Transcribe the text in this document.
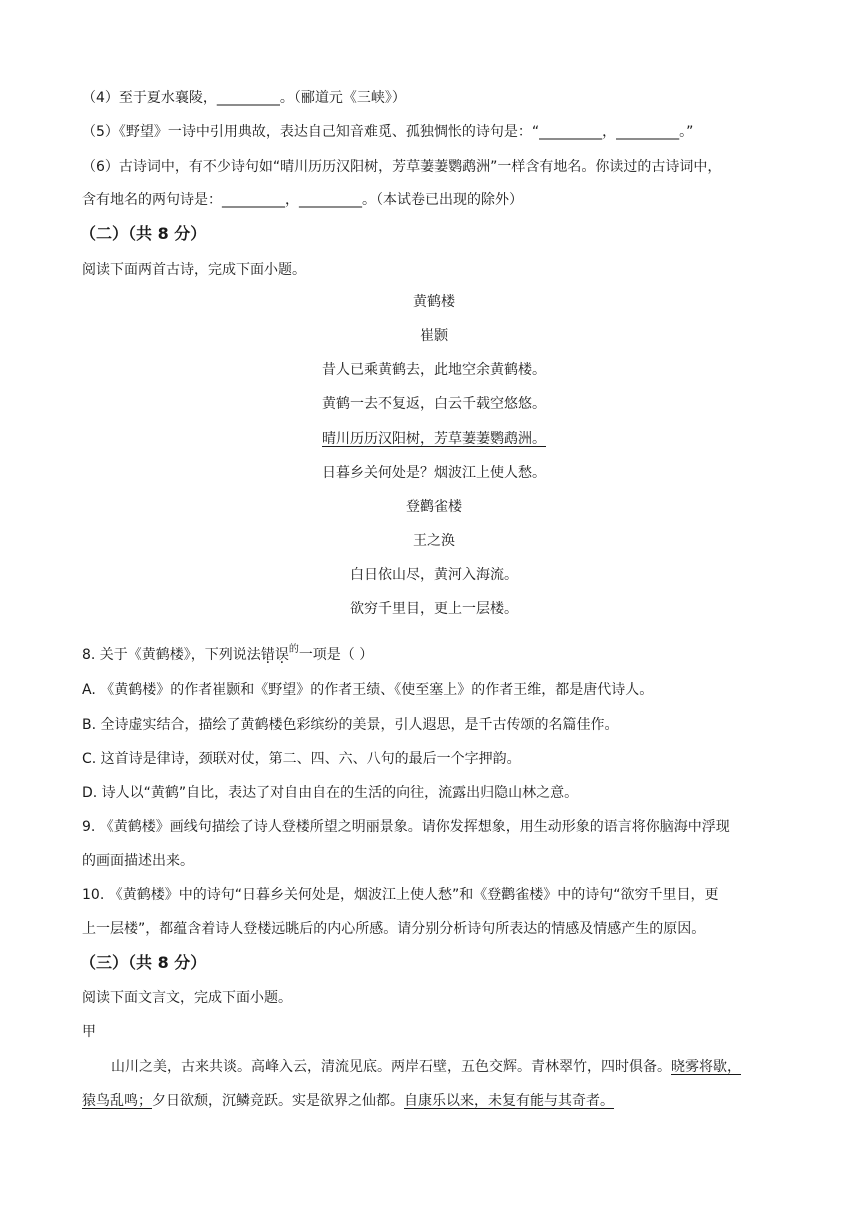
（4）至于夏水襄陵，_________。（郦道元《三峡》）
（5）《野望》一诗中引用典故，表达自己知音难觅、孤独惆怅的诗句是：“_________，_________。”
（6）古诗词中，有不少诗句如“晴川历历汉阳树，芳草萋萋鹦鹉洲”一样含有地名。你读过的古诗词中，
含有地名的两句诗是：_________，_________。（本试卷已出现的除外）
（二）（共 8 分）
阅读下面两首古诗，完成下面小题。
黄鹤楼
崔颢
昔人已乘黄鹤去，此地空余黄鹤楼。
黄鹤一去不复返，白云千载空悠悠。
晴川历历汉阳树，芳草萋萋鹦鹉洲。
日暮乡关何处是？烟波江上使人愁。
登鹳雀楼
王之涣
白日依山尽，黄河入海流。
欲穷千里目，更上一层楼。
8. 关于《黄鹤楼》，下列说法错误$^的$一项是（ ）
A. 《黄鹤楼》的作者崔颢和《野望》的作者王绩、《使至塞上》的作者王维，都是唐代诗人。
B. 全诗虚实结合，描绘了黄鹤楼色彩缤纷的美景，引人遐思，是千古传颂的名篇佳作。
C. 这首诗是律诗，颈联对仗，第二、四、六、八句的最后一个字押韵。
D. 诗人以“黄鹤”自比，表达了对自由自在的生活的向往，流露出归隐山林之意。
9. 《黄鹤楼》画线句描绘了诗人登楼所望之明丽景象。请你发挥想象，用生动形象的语言将你脑海中浮现
的画面描述出来。
10. 《黄鹤楼》中的诗句“日暮乡关何处是，烟波江上使人愁”和《登鹳雀楼》中的诗句“欲穷千里目，更
上一层楼”，都蕴含着诗人登楼远眺后的内心所感。请分别分析诗句所表达的情感及情感产生的原因。
（三）（共 8 分）
阅读下面文言文，完成下面小题。
甲
山川之美，古来共谈。高峰入云，清流见底。两岸石壁，五色交辉。青林翠竹，四时俱备。晓雾将歇，
猿鸟乱鸣；夕日欲颓，沉鳞竞跃。实是欲界之仙都。自康乐以来，未复有能与其奇者。
